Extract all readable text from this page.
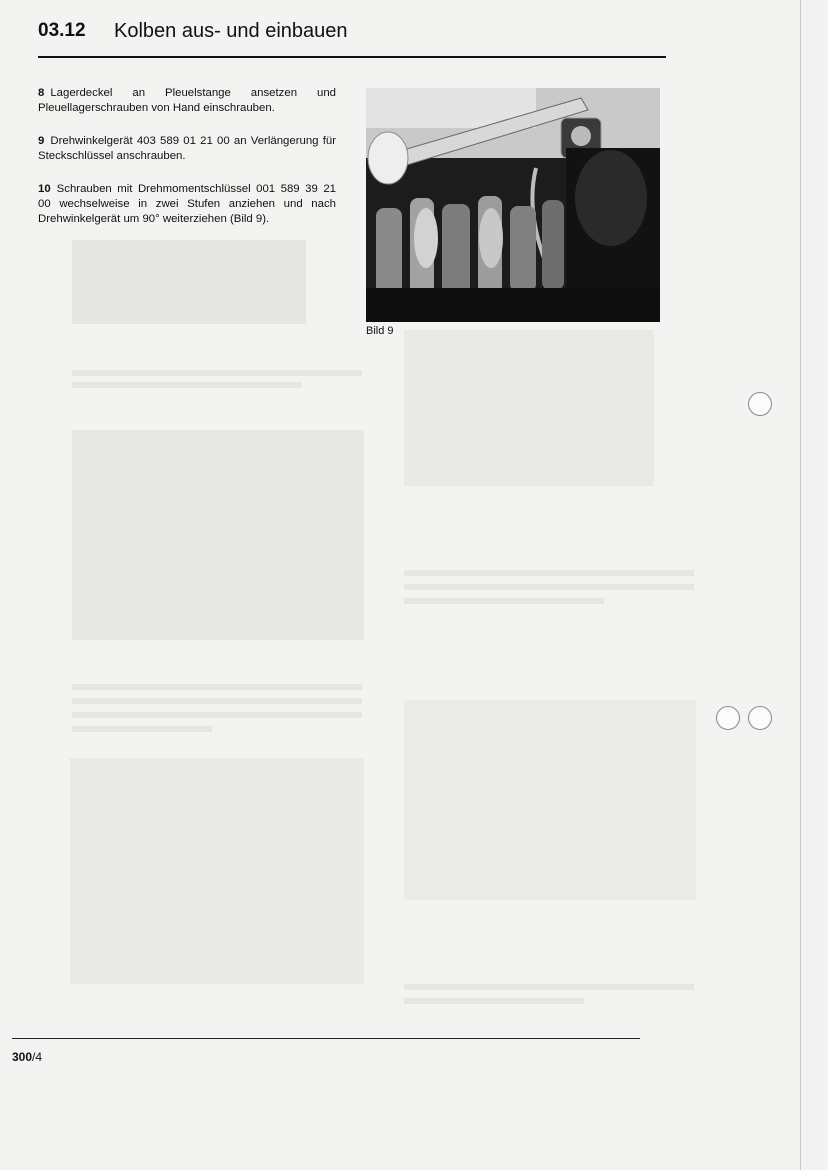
03.12 Kolben aus- und einbauen

8 Lagerdeckel an Pleuelstange ansetzen und Pleuellagerschrauben von Hand einschrauben.

9 Drehwinkelgerät 403 589 01 21 00 an Verlängerung für Steckschlüssel anschrauben.

10 Schrauben mit Drehmomentschlüssel 001 589 39 21 00 wechselweise in zwei Stufen anziehen und nach Drehwinkelgerät um 90° weiterziehen (Bild 9).

Bild 9
300/4
